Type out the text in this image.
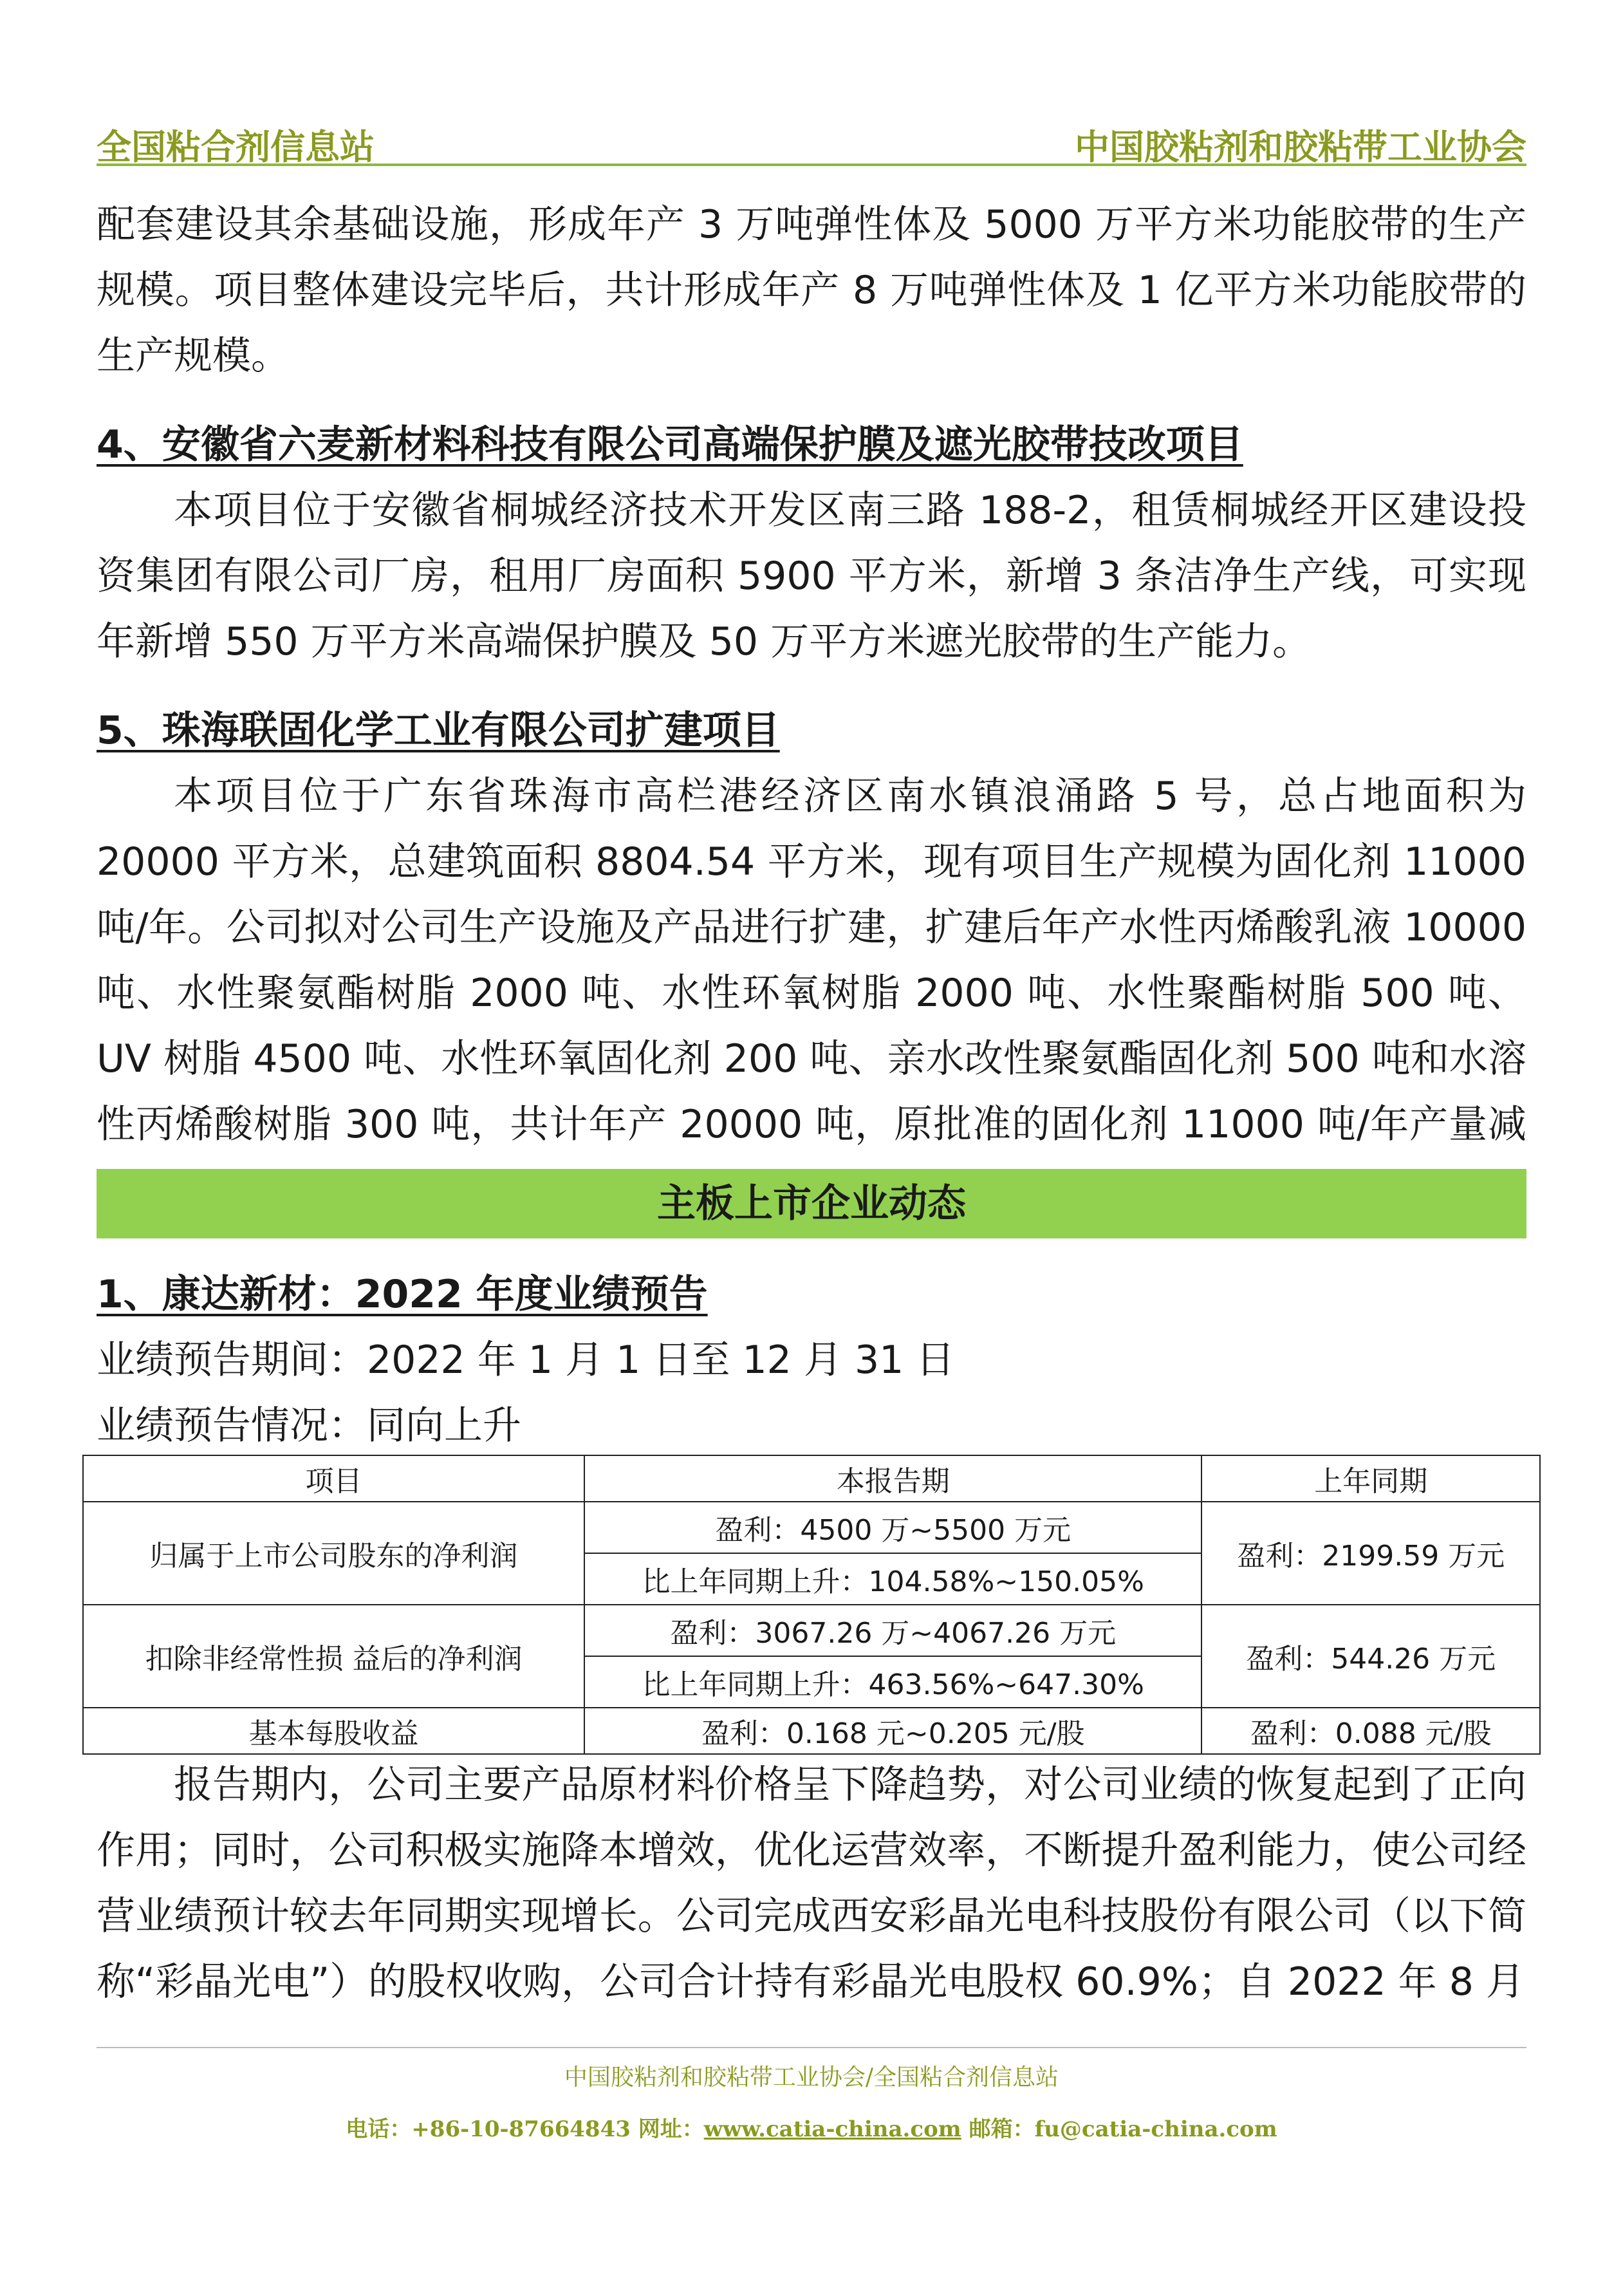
全国粘合剂信息站	中国胶粘剂和胶粘带工业协会

配套建设其余基础设施，形成年产 3 万吨弹性体及 5000 万平方米功能胶带的生产规模。项目整体建设完毕后，共计形成年产 8 万吨弹性体及 1 亿平方米功能胶带的生产规模。

4、安徽省六麦新材料科技有限公司高端保护膜及遮光胶带技改项目

本项目位于安徽省桐城经济技术开发区南三路 188-2，租赁桐城经开区建设投资集团有限公司厂房，租用厂房面积 5900 平方米，新增 3 条洁净生产线，可实现年新增 550 万平方米高端保护膜及 50 万平方米遮光胶带的生产能力。

5、珠海联固化学工业有限公司扩建项目

本项目位于广东省珠海市高栏港经济区南水镇浪涌路 5 号，总占地面积为 20000 平方米，总建筑面积 8804.54 平方米，现有项目生产规模为固化剂 11000 吨/年。公司拟对公司生产设施及产品进行扩建，扩建后年产水性丙烯酸乳液 10000 吨、水性聚氨酯树脂 2000 吨、水性环氧树脂 2000 吨、水性聚酯树脂 500 吨、UV 树脂 4500 吨、水性环氧固化剂 200 吨、亲水改性聚氨酯固化剂 500 吨和水溶性丙烯酸树脂 300 吨，共计年产 20000 吨，原批准的固化剂 11000 吨/年产量减

主板上市企业动态
1、康达新材：2022 年度业绩预告

业绩预告期间：2022 年 1 月 1 日至 12 月 31 日

业绩预告情况：同向上升

项目	本报告期	上年同期
归属于上市公司股东的净利润	盈利：4500 万~5500 万元	盈利：2199.59 万元
	比上年同期上升：104.58%~150.05%	
扣除非经常性损 益后的净利润	盈利：3067.26 万~4067.26 万元	盈利：544.26 万元
	比上年同期上升：463.56%~647.30%	
基本每股收益	盈利：0.168 元~0.205 元/股	盈利：0.088 元/股

报告期内，公司主要产品原材料价格呈下降趋势，对公司业绩的恢复起到了正向作用；同时，公司积极实施降本增效，优化运营效率，不断提升盈利能力，使公司经营业绩预计较去年同期实现增长。公司完成西安彩晶光电科技股份有限公司（以下简称“彩晶光电”）的股权收购，公司合计持有彩晶光电股权 60.9%；自 2022 年 8 月

中国胶粘剂和胶粘带工业协会/全国粘合剂信息站
电话：+86-10-87664843 网址：www.catia-china.com 邮箱：fu@catia-china.com
